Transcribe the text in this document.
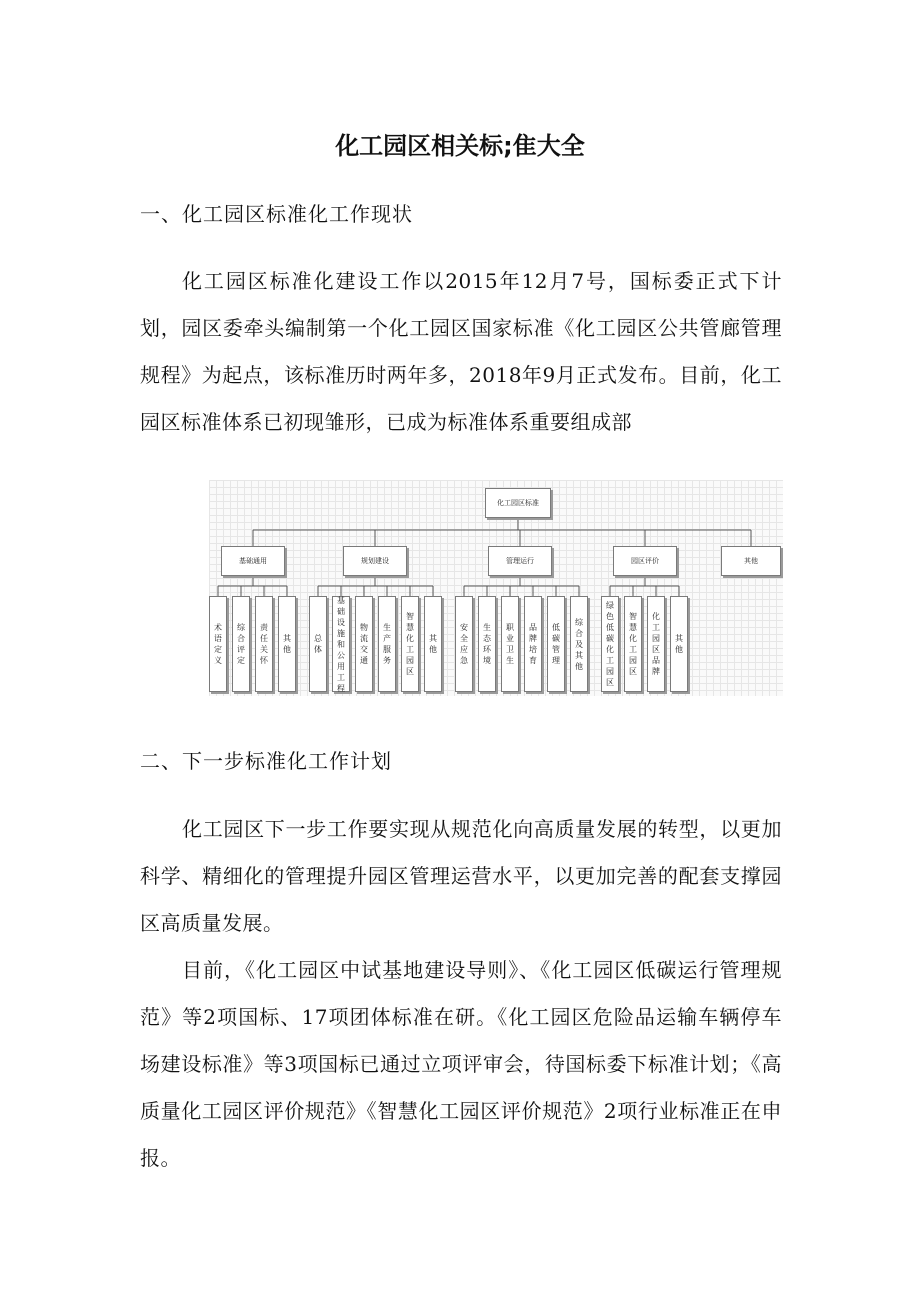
化工园区相关标;隹大全
一、化工园区标准化工作现状

化工园区标准化建设工作以2015年12月7号，国标委正式下计划，园区委牵头编制第一个化工园区国家标准《化工园区公共管廊管理规程》为起点，该标准历时两年多，2018年9月正式发布。目前，化工园区标准体系已初现雏形，已成为标准体系重要组成部

化工园区标准
基础通用
术语定义
综合评定
责任关怀
其他
规划建设
总体
基础设施和公用工程
物流交通
生产服务
智慧化工园区
其他
管理运行
安全应急
生态环境
职业卫生
品牌培育
低碳管理
综合及其他
园区评价
绿色低碳化工园区
智慧化工园区
化工园区品牌
其他
其他
二、下一步标准化工作计划

化工园区下一步工作要实现从规范化向高质量发展的转型，以更加科学、精细化的管理提升园区管理运营水平，以更加完善的配套支撑园区高质量发展。

目前，《化工园区中试基地建设导则》、《化工园区低碳运行管理规范》等2项国标、17项团体标准在研。《化工园区危险品运输车辆停车场建设标准》等3项国标已通过立项评审会，待国标委下标准计划；《高质量化工园区评价规范》《智慧化工园区评价规范》2项行业标准正在申报。
